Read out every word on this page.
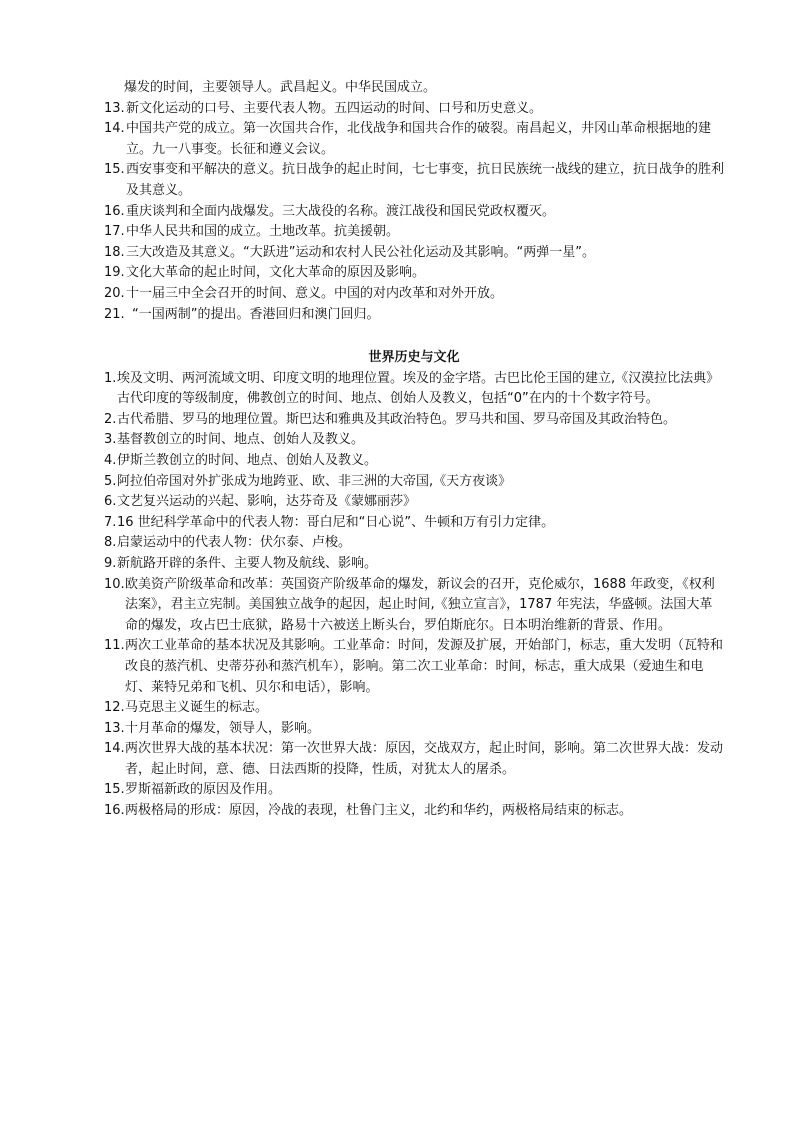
爆发的时间，主要领导人。武昌起义。中华民国成立。

13. 新文化运动的口号、主要代表人物。五四运动的时间、口号和历史意义。

14. 中国共产党的成立。第一次国共合作，北伐战争和国共合作的破裂。南昌起义，井冈山革命根据地的建立。九一八事变。长征和遵义会议。

15. 西安事变和平解决的意义。抗日战争的起止时间，七七事变，抗日民族统一战线的建立，抗日战争的胜利及其意义。

16. 重庆谈判和全面内战爆发。三大战役的名称。渡江战役和国民党政权覆灭。

17. 中华人民共和国的成立。土地改革。抗美援朝。

18. 三大改造及其意义。“大跃进”运动和农村人民公社化运动及其影响。“两弹一星”。

19. 文化大革命的起止时间，文化大革命的原因及影响。

20. 十一届三中全会召开的时间、意义。中国的对内改革和对外开放。

21. “一国两制”的提出。香港回归和澳门回归。

世界历史与文化

1. 埃及文明、两河流域文明、印度文明的地理位置。埃及的金字塔。古巴比伦王国的建立,《汉漠拉比法典》 古代印度的等级制度，佛教创立的时间、地点、创始人及教义，包括“0”在内的十个数字符号。

2. 古代希腊、罗马的地理位置。斯巴达和雅典及其政治特色。罗马共和国、罗马帝国及其政治特色。

3. 基督教创立的时间、地点、创始人及教义。

4. 伊斯兰教创立的时间、地点、创始人及教义。

5. 阿拉伯帝国对外扩张成为地跨亚、欧、非三洲的大帝国,《天方夜谈》

6. 文艺复兴运动的兴起、影响，达芬奇及《蒙娜丽莎》

7. 16 世纪科学革命中的代表人物：哥白尼和“日心说”、牛顿和万有引力定律。

8. 启蒙运动中的代表人物：伏尔泰、卢梭。

9. 新航路开辟的条件、主要人物及航线、影响。

10. 欧美资产阶级革命和改革：英国资产阶级革命的爆发，新议会的召开，克伦威尔，1688 年政变，《权利法案》，君主立宪制。美国独立战争的起因，起止时间,《独立宣言》，1787 年宪法，华盛顿。法国大革命的爆发，攻占巴士底狱，路易十六被送上断头台，罗伯斯庇尔。日本明治维新的背景、作用。

11. 两次工业革命的基本状况及其影响。工业革命：时间，发源及扩展，开始部门，标志，重大发明（瓦特和改良的蒸汽机、史蒂芬孙和蒸汽机车），影响。第二次工业革命：时间，标志，重大成果（爱迪生和电灯、莱特兄弟和飞机、贝尔和电话），影响。

12. 马克思主义诞生的标志。

13. 十月革命的爆发，领导人，影响。

14. 两次世界大战的基本状况：第一次世界大战：原因，交战双方，起止时间，影响。第二次世界大战：发动者，起止时间，意、德、日法西斯的投降，性质，对犹太人的屠杀。

15. 罗斯福新政的原因及作用。

16. 两极格局的形成：原因，冷战的表现，杜鲁门主义，北约和华约，两极格局结束的标志。
